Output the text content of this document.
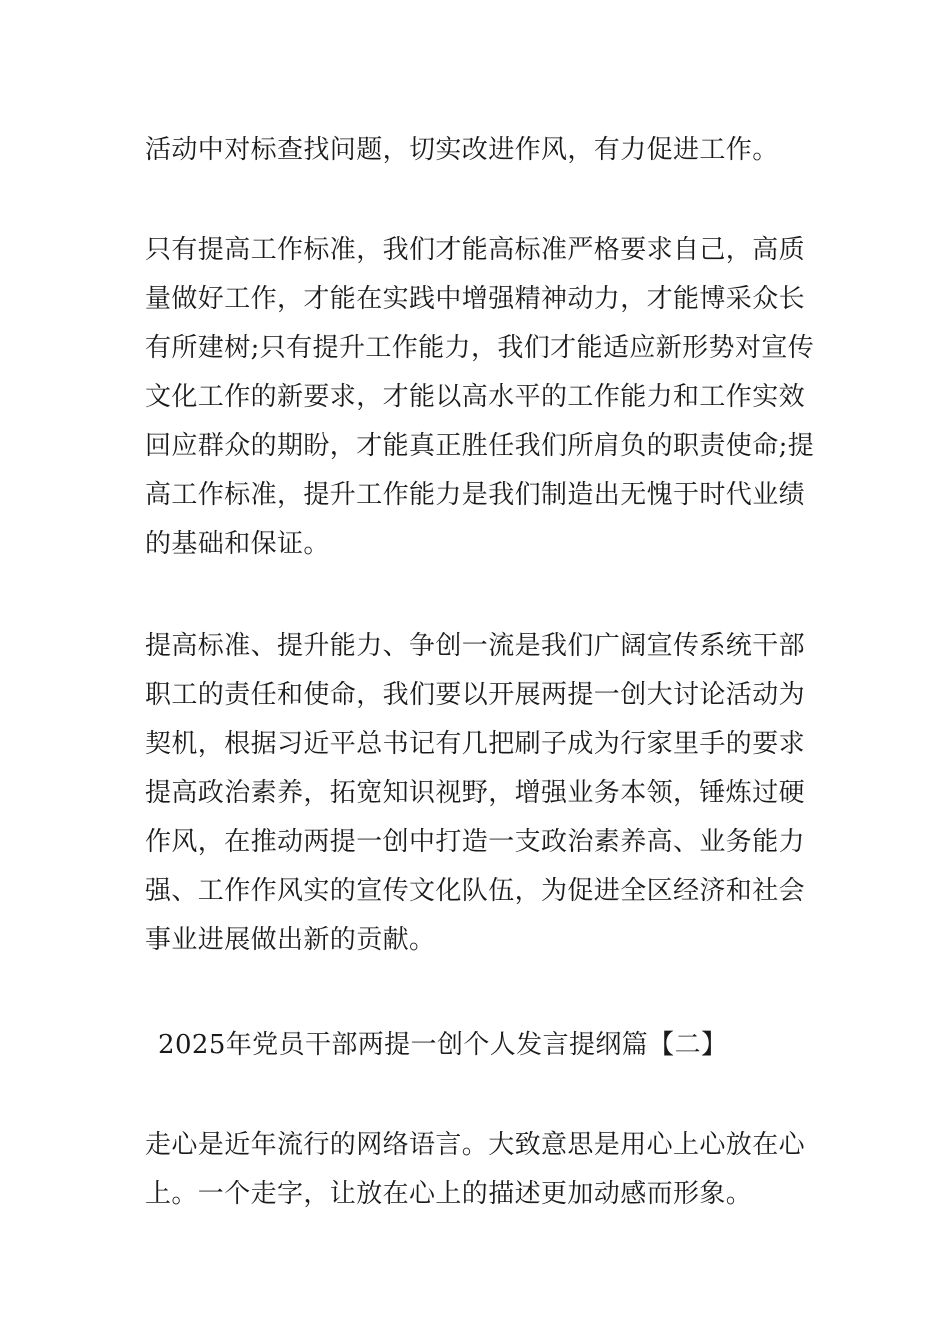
活动中对标查找问题，切实改进作风，有力促进工作。
只有提高工作标准，我们才能高标准严格要求自己，高质
量做好工作，才能在实践中增强精神动力，才能博采众长
有所建树;只有提升工作能力，我们才能适应新形势对宣传
文化工作的新要求，才能以高水平的工作能力和工作实效
回应群众的期盼，才能真正胜任我们所肩负的职责使命;提
高工作标准，提升工作能力是我们制造出无愧于时代业绩
的基础和保证。
提高标准、提升能力、争创一流是我们广阔宣传系统干部
职工的责任和使命，我们要以开展两提一创大讨论活动为
契机，根据习近平总书记有几把刷子成为行家里手的要求
提高政治素养，拓宽知识视野，增强业务本领，锤炼过硬
作风，在推动两提一创中打造一支政治素养高、业务能力
强、工作作风实的宣传文化队伍，为促进全区经济和社会
事业进展做出新的贡献。
2025年党员干部两提一创个人发言提纲篇【二】
走心是近年流行的网络语言。大致意思是用心上心放在心
上。一个走字，让放在心上的描述更加动感而形象。
